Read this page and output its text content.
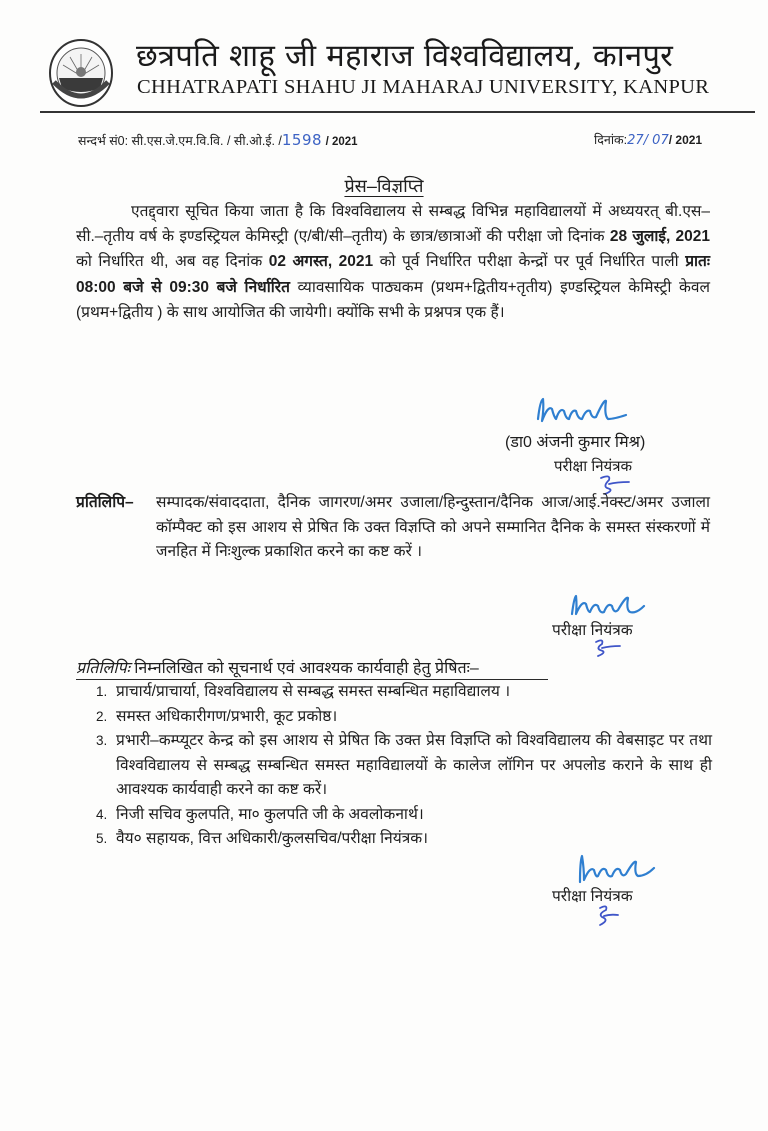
छत्रपति शाहू जी महाराज विश्वविद्यालय, कानपुर
CHHATRAPATI SHAHU JI MAHARAJ UNIVERSITY, KANPUR
सन्दर्भ सं0: सी.एस.जे.एम.वि.वि. / सी.ओ.ई. /1598 / 2021	दिनांक:27/ 07/ 2021
प्रेस–विज्ञप्ति
एतद्द्वारा सूचित किया जाता है कि विश्वविद्यालय से सम्बद्ध विभिन्न महाविद्यालयों में अध्ययरत् बी.एस–सी.–तृतीय वर्ष के इण्डस्ट्रियल केमिस्ट्री (ए/बी/सी–तृतीय) के छात्र/छात्राओं की परीक्षा जो दिनांक 28 जुलाई, 2021 को निर्धारित थी, अब वह दिनांक 02 अगस्त, 2021 को पूर्व निर्धारित परीक्षा केन्द्रों पर पूर्व निर्धारित पाली प्रातः 08:00 बजे से 09:30 बजे निर्धारित व्यावसायिक पाठ्यकम (प्रथम+द्वितीय+तृतीय) इण्डस्ट्रियल केमिस्ट्री केवल (प्रथम+द्वितीय ) के साथ आयोजित की जायेगी। क्योंकि सभी के प्रश्नपत्र एक हैं।
(डा0 अंजनी कुमार मिश्र)
परीक्षा नियंत्रक
प्रतिलिपि–	सम्पादक/संवाददाता, दैनिक जागरण/अमर उजाला/हिन्दुस्तान/दैनिक आज/आई.नेक्स्ट/अमर उजाला कॉम्पैक्ट को इस आशय से प्रेषित कि उक्त विज्ञप्ति को अपने सम्मानित दैनिक के समस्त संस्करणों में जनहित में निःशुल्क प्रकाशित करने का कष्ट करें ।
परीक्षा नियंत्रक
प्रतिलिपिः निम्नलिखित को सूचनार्थ एवं आवश्यक कार्यवाही हेतु प्रेषितः–
1. प्राचार्य/प्राचार्या, विश्वविद्यालय से सम्बद्ध समस्त सम्बन्धित महाविद्यालय ।
2. समस्त अधिकारीगण/प्रभारी, कूट प्रकोष्ठ।
3. प्रभारी–कम्प्यूटर केन्द्र को इस आशय से प्रेषित कि उक्त प्रेस विज्ञप्ति को विश्वविद्यालय की वेबसाइट पर तथा विश्वविद्यालय से सम्बद्ध सम्बन्धित समस्त महाविद्यालयों के कालेज लॉगिन पर अपलोड कराने के साथ ही आवश्यक कार्यवाही करने का कष्ट करें।
4. निजी सचिव कुलपति, मा० कुलपति जी के अवलोकनार्थ।
5. वैय० सहायक, वित्त अधिकारी/कुलसचिव/परीक्षा नियंत्रक।
परीक्षा नियंत्रक
